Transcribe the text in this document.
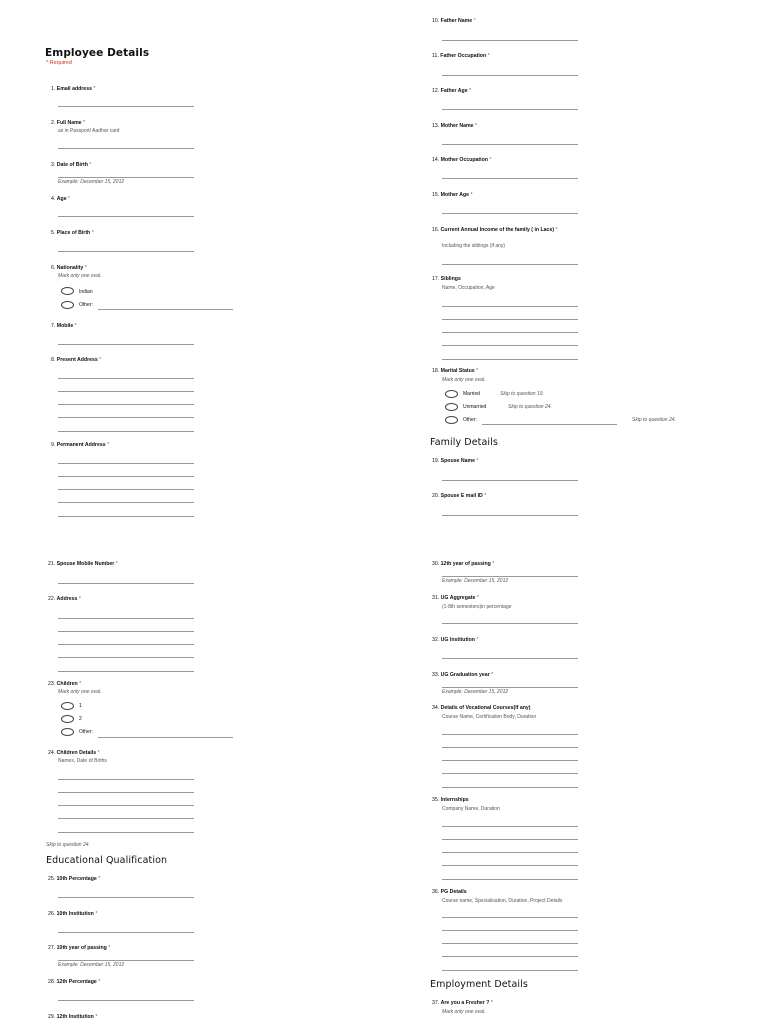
Employee Details
* Required
1. Email address *
2. Full Name *
as in Passport/ Aadhar card
3. Date of Birth *
Example: December 15, 2012
4. Age *
5. Place of Birth *
6. Nationality *
Mark only one oval.
Indian
Other:
7. Mobile *
8. Present Address *
9. Permanent Address *
10. Father Name *
11. Father Occupation *
12. Father Age *
13. Mother Name *
14. Mother Occupation *
15. Mother Age *
16. Current Annual Income of the family ( in Lacs) *
Including the siblings (if any)
17. Siblings
Name, Occupation, Age
18. Marital Status *
Mark only one oval.
Married	Skip to question 19.
Unmarried	Skip to question 24.
Other:	Skip to question 24.
Family Details
19. Spouse Name *
20. Spouse E mail ID *
21. Spouse Mobile Number *
22. Address *
23. Children *
Mark only one oval.
1
2
Other:
24. Children Details *
Names, Date of Births
Skip to question 24.
Educational Qualification
25. 10th Percentage *
26. 10th Institution *
27. 10th year of passing *
Example: December 15, 2012
28. 12th Percentage *
29. 12th Institution *
30. 12th year of passing *
Example: December 15, 2012
31. UG Aggregate *
(1-8th semesters)in percentage
32. UG Institution *
33. UG Graduation year *
Example: December 15, 2012
34. Details of Vocational Courses(If any)
Course Name, Certification Body, Duration
35. Internships
Company Name, Duration
36. PG Details
Course name, Specialisation, Duration, Project Details
Employment Details
37. Are you a Fresher ? *
Mark only one oval.
